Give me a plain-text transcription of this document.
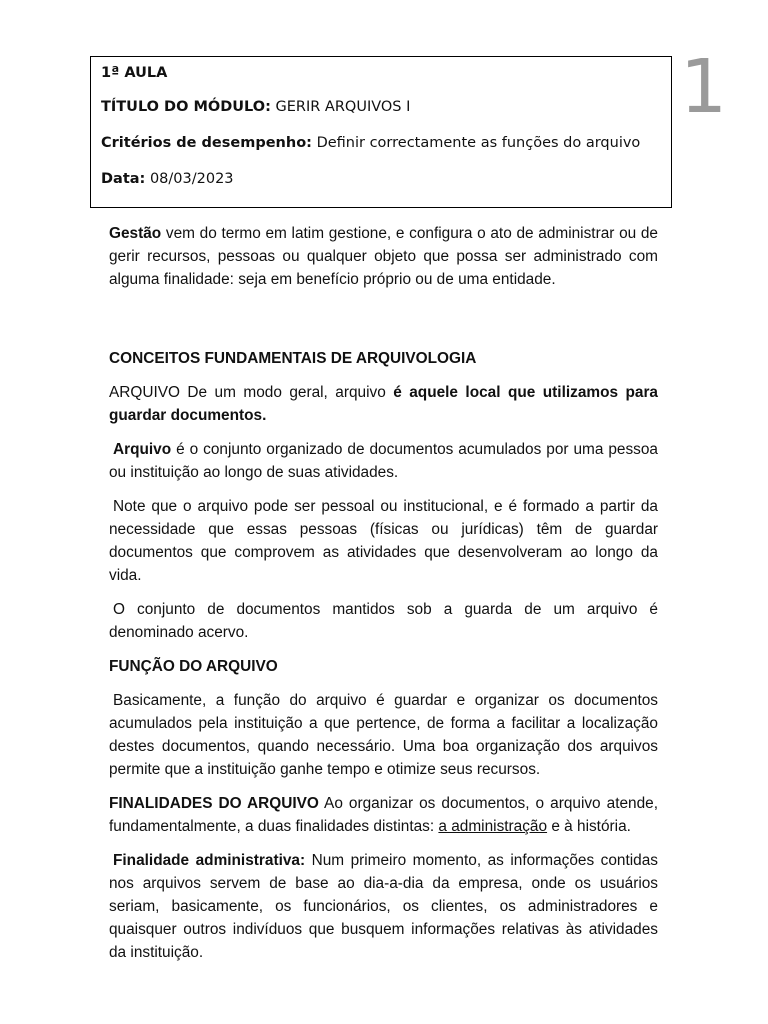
1ª AULA
TÍTULO DO MÓDULO: GERIR ARQUIVOS I
Critérios de desempenho: Definir correctamente as funções do arquivo
Data: 08/03/2023
1

Gestão vem do termo em latim gestione, e configura o ato de administrar ou de gerir recursos, pessoas ou qualquer objeto que possa ser administrado com alguma finalidade: seja em benefício próprio ou de uma entidade.

CONCEITOS FUNDAMENTAIS DE ARQUIVOLOGIA

ARQUIVO De um modo geral, arquivo é aquele local que utilizamos para guardar documentos.

Arquivo é o conjunto organizado de documentos acumulados por uma pessoa ou instituição ao longo de suas atividades.

Note que o arquivo pode ser pessoal ou institucional, e é formado a partir da necessidade que essas pessoas (físicas ou jurídicas) têm de guardar documentos que comprovem as atividades que desenvolveram ao longo da vida.

O conjunto de documentos mantidos sob a guarda de um arquivo é denominado acervo.

FUNÇÃO DO ARQUIVO

Basicamente, a função do arquivo é guardar e organizar os documentos acumulados pela instituição a que pertence, de forma a facilitar a localização destes documentos, quando necessário. Uma boa organização dos arquivos permite que a instituição ganhe tempo e otimize seus recursos.

FINALIDADES DO ARQUIVO Ao organizar os documentos, o arquivo atende, fundamentalmente, a duas finalidades distintas: a administração e à história.

Finalidade administrativa: Num primeiro momento, as informações contidas nos arquivos servem de base ao dia-a-dia da empresa, onde os usuários seriam, basicamente, os funcionários, os clientes, os administradores e quaisquer outros indivíduos que busquem informações relativas às atividades da instituição.
